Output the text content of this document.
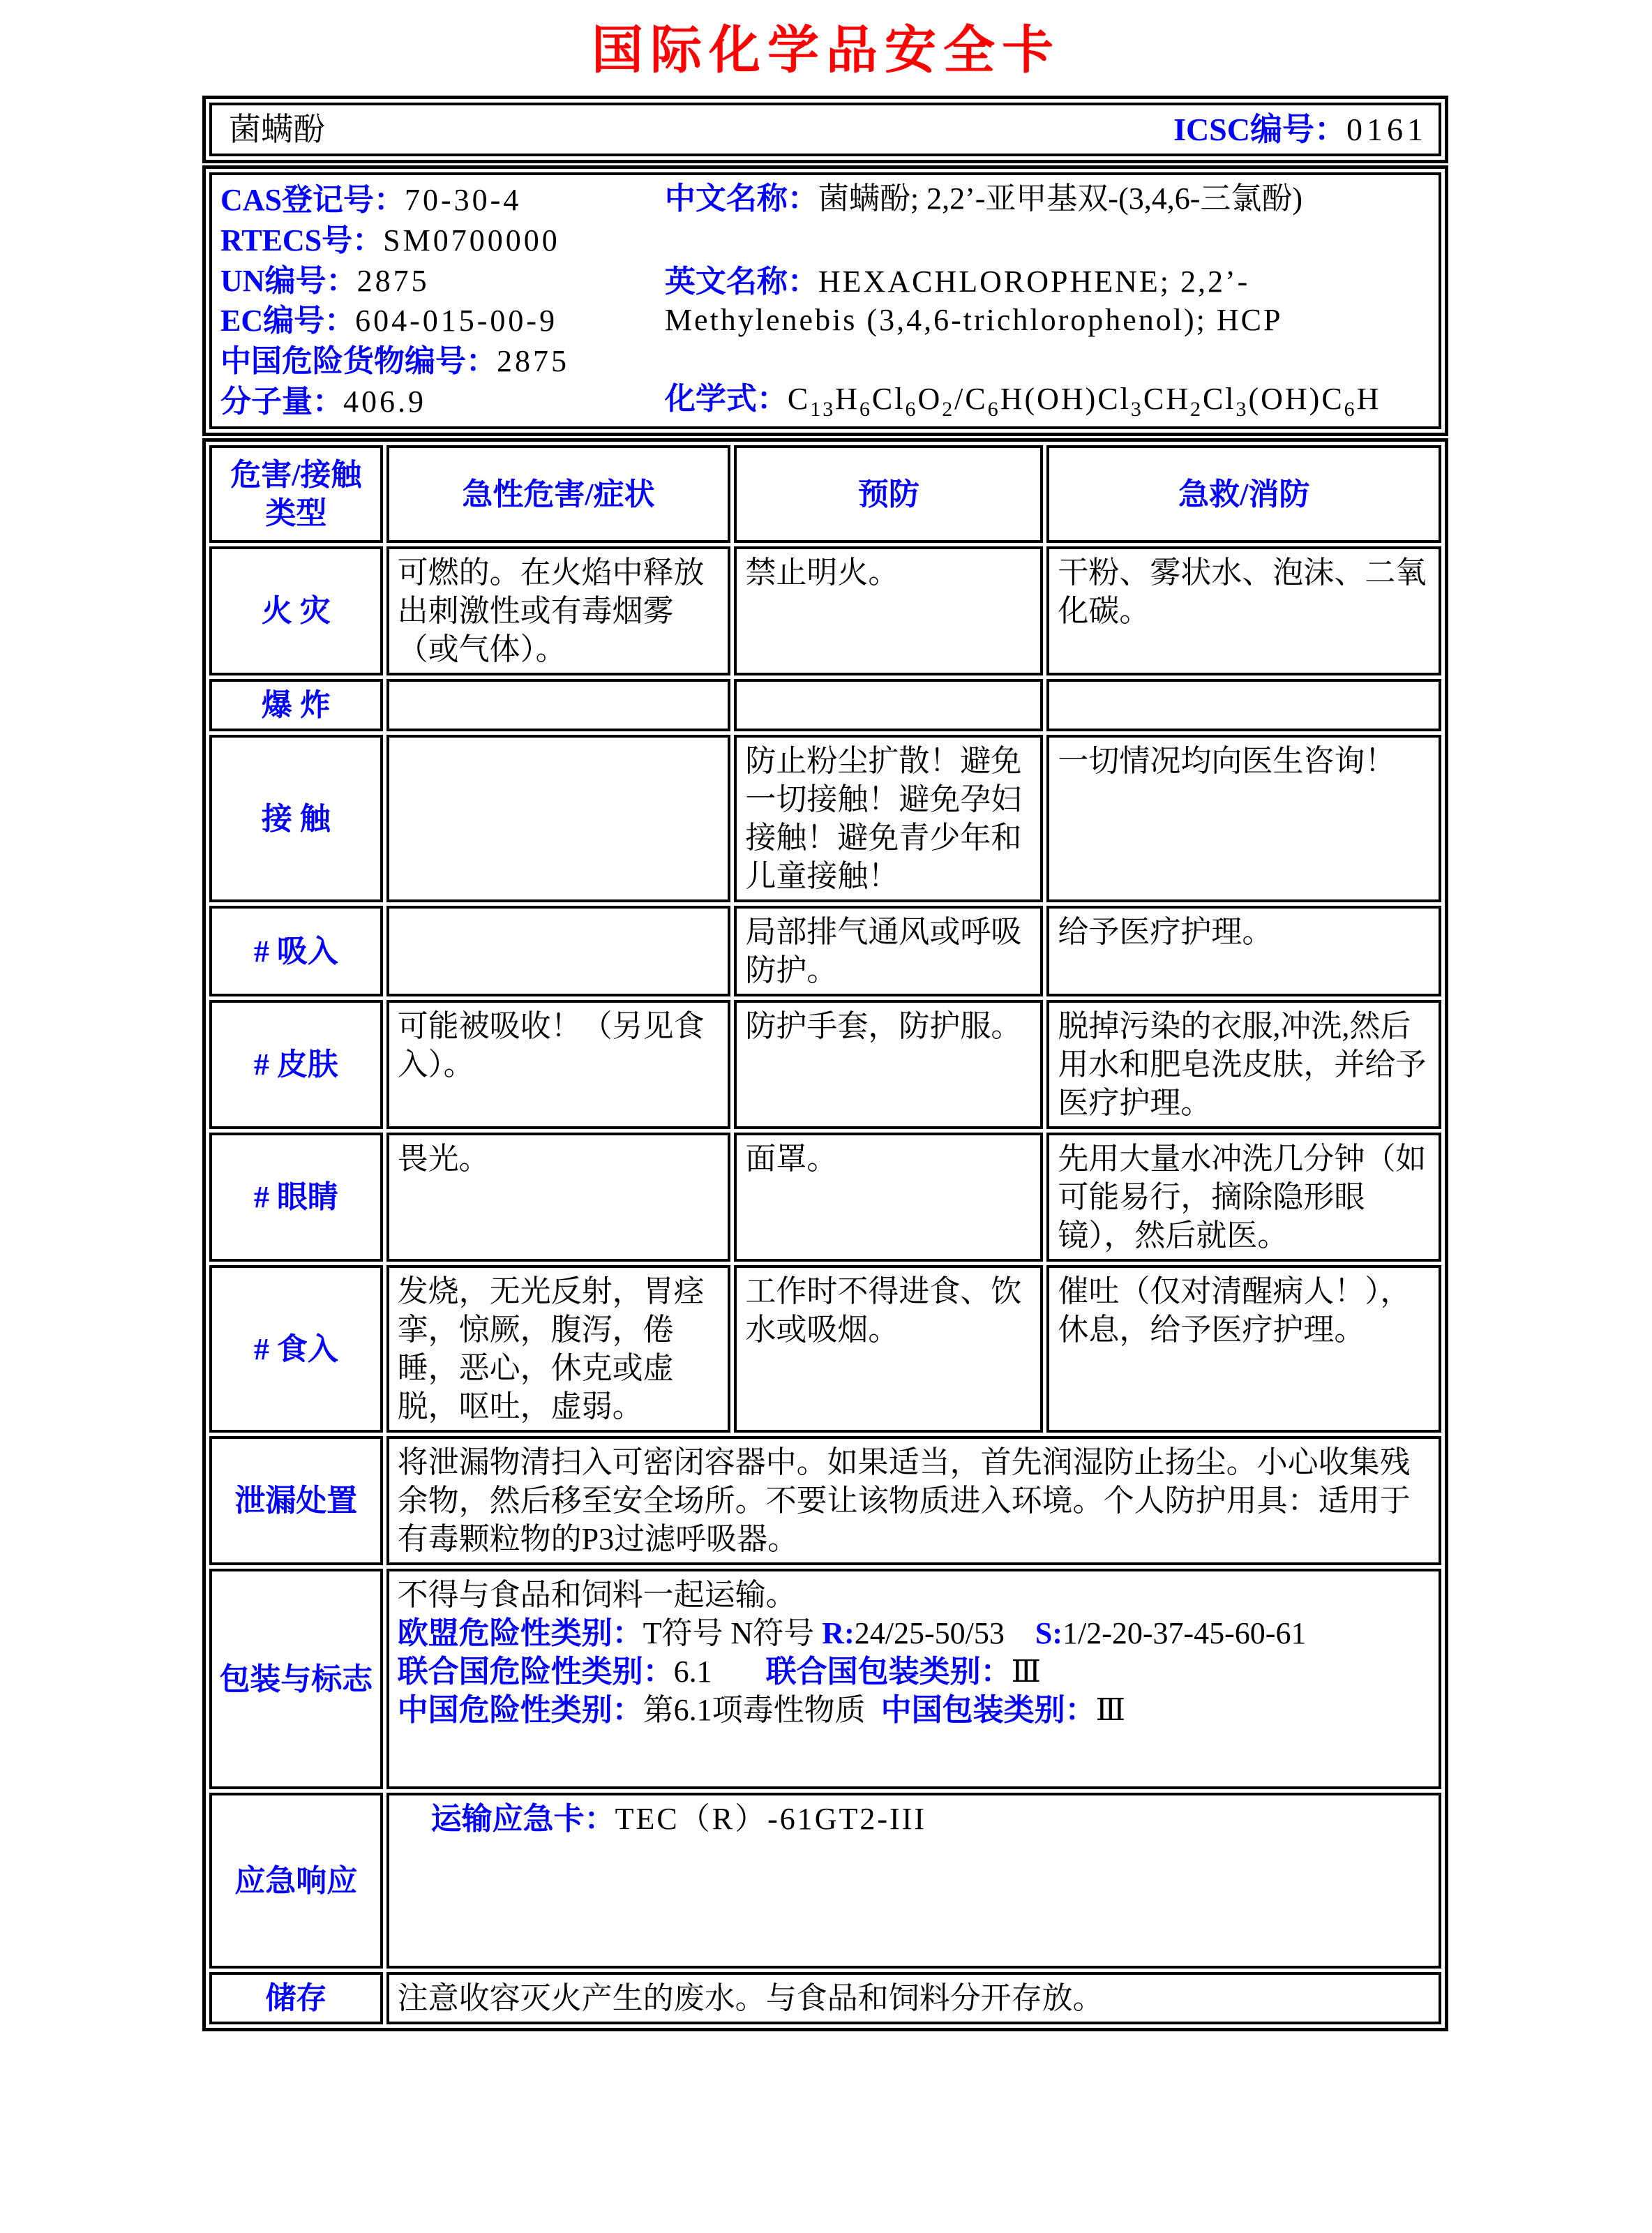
国际化学品安全卡
菌螨酚	ICSC编号：0161
CAS登记号：70-30-4
RTECS号：SM0700000
UN编号：2875
EC编号：604-015-00-9
中国危险货物编号：2875
分子量：406.9
中文名称：菌螨酚; 2,2’-亚甲基双-(3,4,6-三氯酚)
英文名称：HEXACHLOROPHENE; 2,2’-Methylenebis (3,4,6-trichlorophenol); HCP
化学式：$C_{13}H_6Cl_6O_2/C_6H(OH)Cl_3CH_2Cl_3(OH)C_6H$
危害/接触类型	急性危害/症状	预防	急救/消防
火 灾	可燃的。在火焰中释放出刺激性或有毒烟雾（或气体）。	禁止明火。	干粉、雾状水、泡沫、二氧化碳。
爆 炸			
接 触		防止粉尘扩散！避免一切接触！避免孕妇接触！避免青少年和儿童接触！	一切情况均向医生咨询！
# 吸入		局部排气通风或呼吸防护。	给予医疗护理。
# 皮肤	可能被吸收！（另见食入）。	防护手套，防护服。	脱掉污染的衣服,冲洗,然后用水和肥皂洗皮肤，并给予医疗护理。
# 眼睛	畏光。	面罩。	先用大量水冲洗几分钟（如可能易行，摘除隐形眼镜），然后就医。
# 食入	发烧，无光反射，胃痉挛，惊厥，腹泻，倦睡，恶心，休克或虚脱，呕吐，虚弱。	工作时不得进食、饮水或吸烟。	催吐（仅对清醒病人！），休息，给予医疗护理。
泄漏处置	将泄漏物清扫入可密闭容器中。如果适当，首先润湿防止扬尘。小心收集残余物，然后移至安全场所。不要让该物质进入环境。个人防护用具：适用于有毒颗粒物的P3过滤呼吸器。		
包装与标志	不得与食品和饲料一起运输。
欧盟危险性类别：T符号 N符号 R:24/25-50/53    S:1/2-20-37-45-60-61
联合国危险性类别：6.1       联合国包装类别：Ⅲ
中国危险性类别：第6.1项毒性物质  中国包装类别：Ⅲ		

应急响应	运输应急卡：TEC（R）-61GT2-III		

储存	注意收容灭火产生的废水。与食品和饲料分开存放。		
